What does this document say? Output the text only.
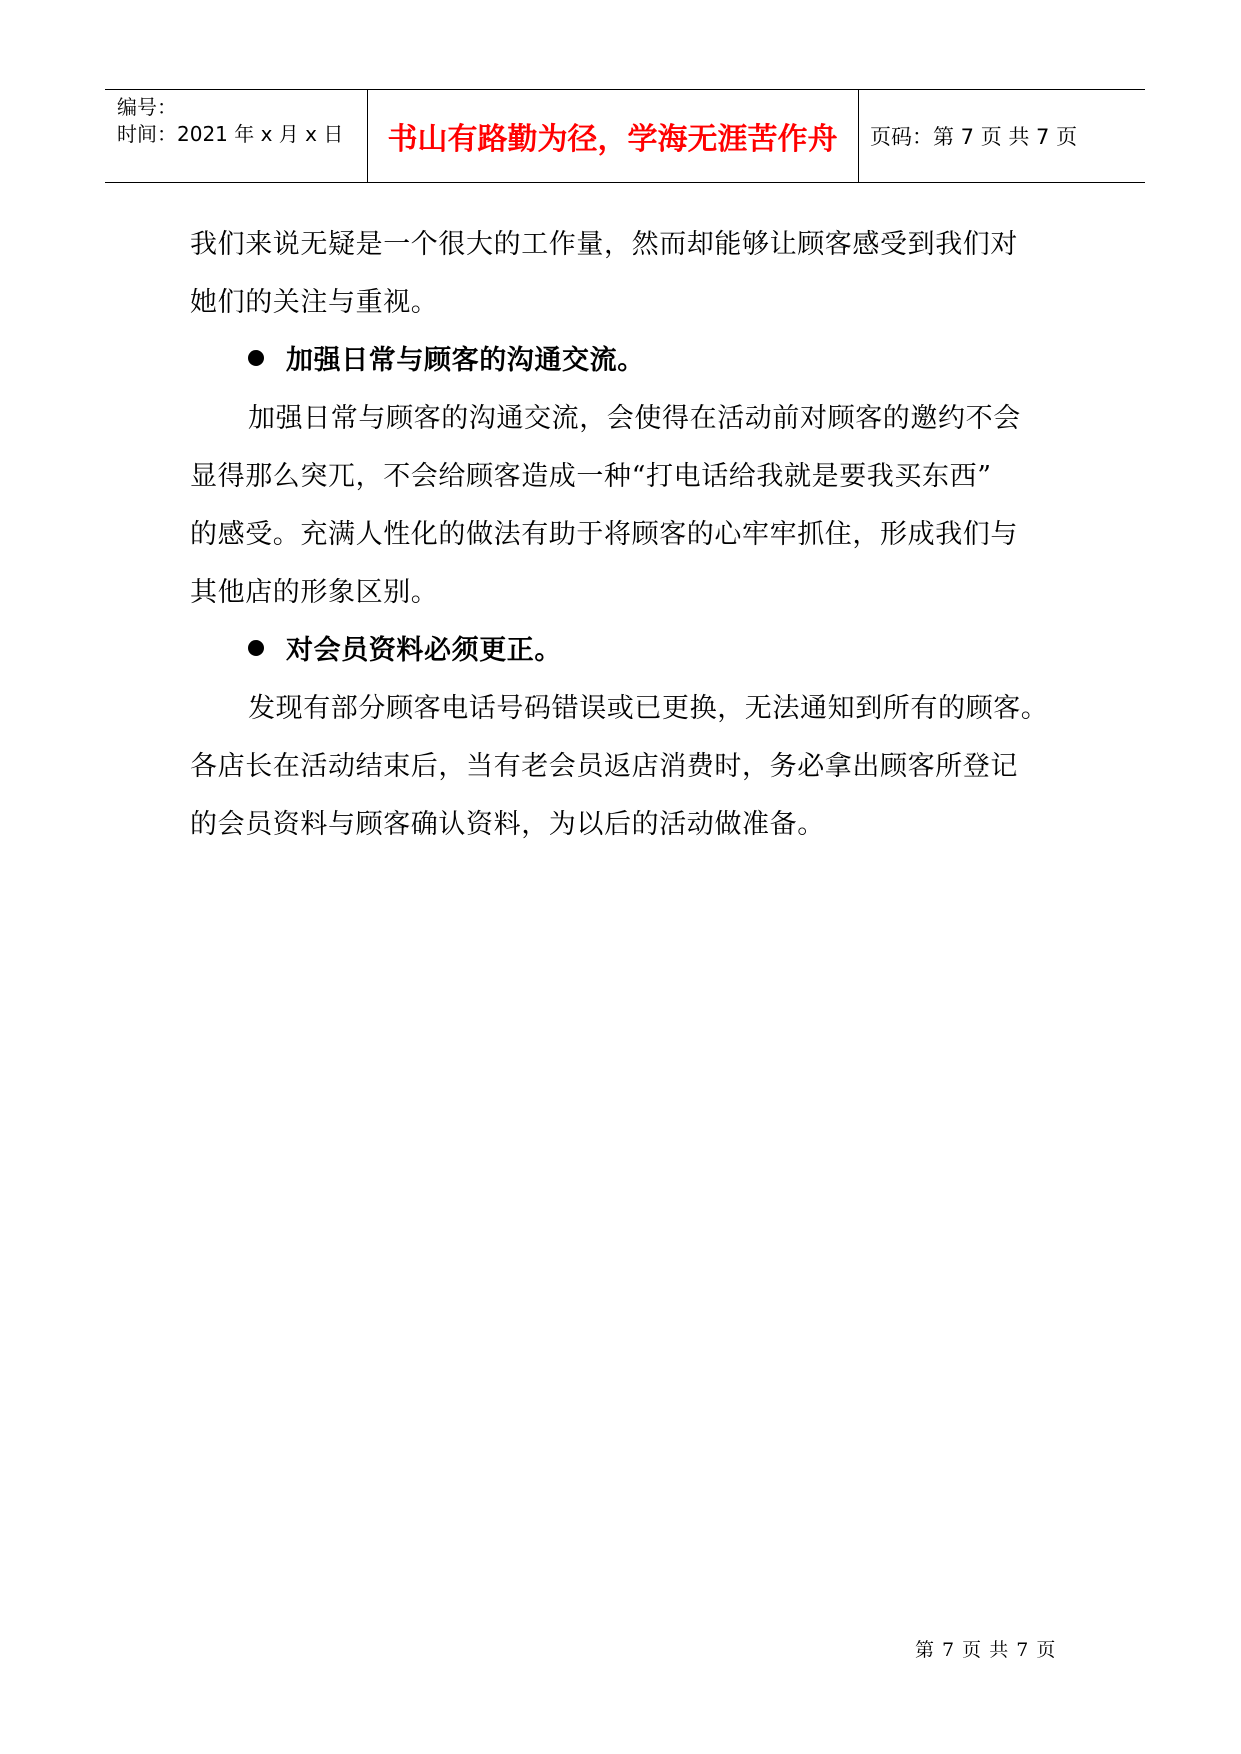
编号：
时间：2021 年 x 月 x 日	书山有路勤为径，学海无涯苦作舟	页码：第 7 页 共 7 页
我们来说无疑是一个很大的工作量，然而却能够让顾客感受到我们对
她们的关注与重视。
加强日常与顾客的沟通交流。
加强日常与顾客的沟通交流，会使得在活动前对顾客的邀约不会
显得那么突兀，不会给顾客造成一种“打电话给我就是要我买东西”
的感受。充满人性化的做法有助于将顾客的心牢牢抓住，形成我们与
其他店的形象区别。
对会员资料必须更正。
发现有部分顾客电话号码错误或已更换，无法通知到所有的顾客。
各店长在活动结束后，当有老会员返店消费时，务必拿出顾客所登记
的会员资料与顾客确认资料，为以后的活动做准备。
第 7 页 共 7 页
